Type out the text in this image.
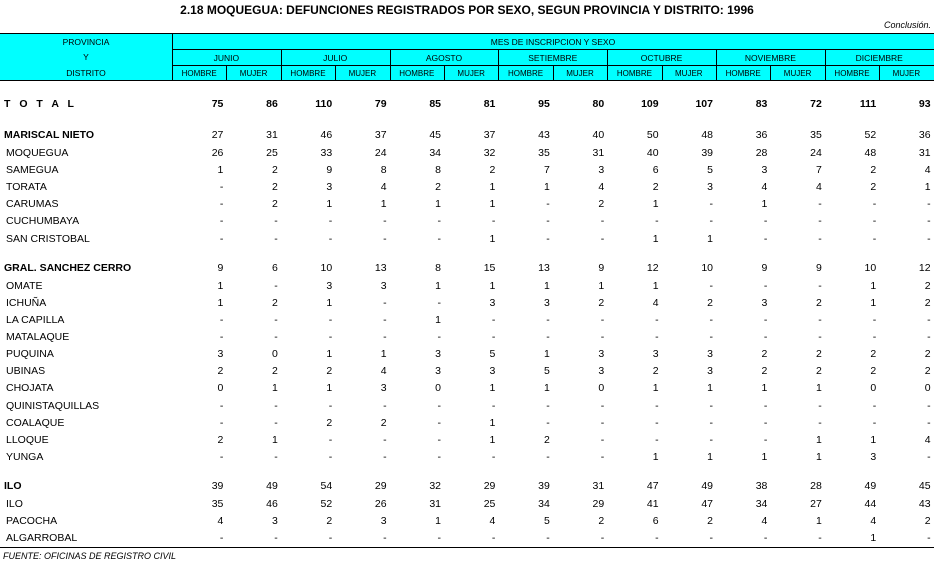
2.18 MOQUEGUA: DEFUNCIONES REGISTRADOS POR SEXO, SEGUN PROVINCIA Y DISTRITO: 1996
Conclusión.
PROVINCIA
Y
DISTRITO
MES DE INSCRIPCION Y SEXO
JUNIO	JULIO	AGOSTO	SETIEMBRE	OCTUBRE	NOVIEMBRE	DICIEMBRE
HOMBRE	MUJER	HOMBRE	MUJER	HOMBRE	MUJER	HOMBRE	MUJER	HOMBRE	MUJER	HOMBRE	MUJER	HOMBRE	MUJER
T O T A L	75	86	110	79	85	81	95	80	109	107	83	72	111	93
MARISCAL NIETO	27	31	46	37	45	37	43	40	50	48	36	35	52	36
MOQUEGUA	26	25	33	24	34	32	35	31	40	39	28	24	48	31
SAMEGUA	1	2	9	8	8	2	7	3	6	5	3	7	2	4
TORATA	-	2	3	4	2	1	1	4	2	3	4	4	2	1
CARUMAS	-	2	1	1	1	1	-	2	1	-	1	-	-	-
CUCHUMBAYA	-	-	-	-	-	-	-	-	-	-	-	-	-	-
SAN CRISTOBAL	-	-	-	-	-	1	-	-	1	1	-	-	-	-
GRAL. SANCHEZ CERRO	9	6	10	13	8	15	13	9	12	10	9	9	10	12
OMATE	1	-	3	3	1	1	1	1	1	-	-	-	1	2
ICHUÑA	1	2	1	-	-	3	3	2	4	2	3	2	1	2
LA CAPILLA	-	-	-	-	1	-	-	-	-	-	-	-	-	-
MATALAQUE	-	-	-	-	-	-	-	-	-	-	-	-	-	-
PUQUINA	3	0	1	1	3	5	1	3	3	3	2	2	2	2
UBINAS	2	2	2	4	3	3	5	3	2	3	2	2	2	2
CHOJATA	0	1	1	3	0	1	1	0	1	1	1	1	0	0
QUINISTAQUILLAS	-	-	-	-	-	-	-	-	-	-	-	-	-	-
COALAQUE	-	-	2	2	-	1	-	-	-	-	-	-	-	-
LLOQUE	2	1	-	-	-	1	2	-	-	-	-	1	1	4
YUNGA	-	-	-	-	-	-	-	-	1	1	1	1	3	-
ILO	39	49	54	29	32	29	39	31	47	49	38	28	49	45
ILO	35	46	52	26	31	25	34	29	41	47	34	27	44	43
PACOCHA	4	3	2	3	1	4	5	2	6	2	4	1	4	2
ALGARROBAL	-	-	-	-	-	-	-	-	-	-	-	-	1	-
FUENTE: OFICINAS DE REGISTRO CIVIL
